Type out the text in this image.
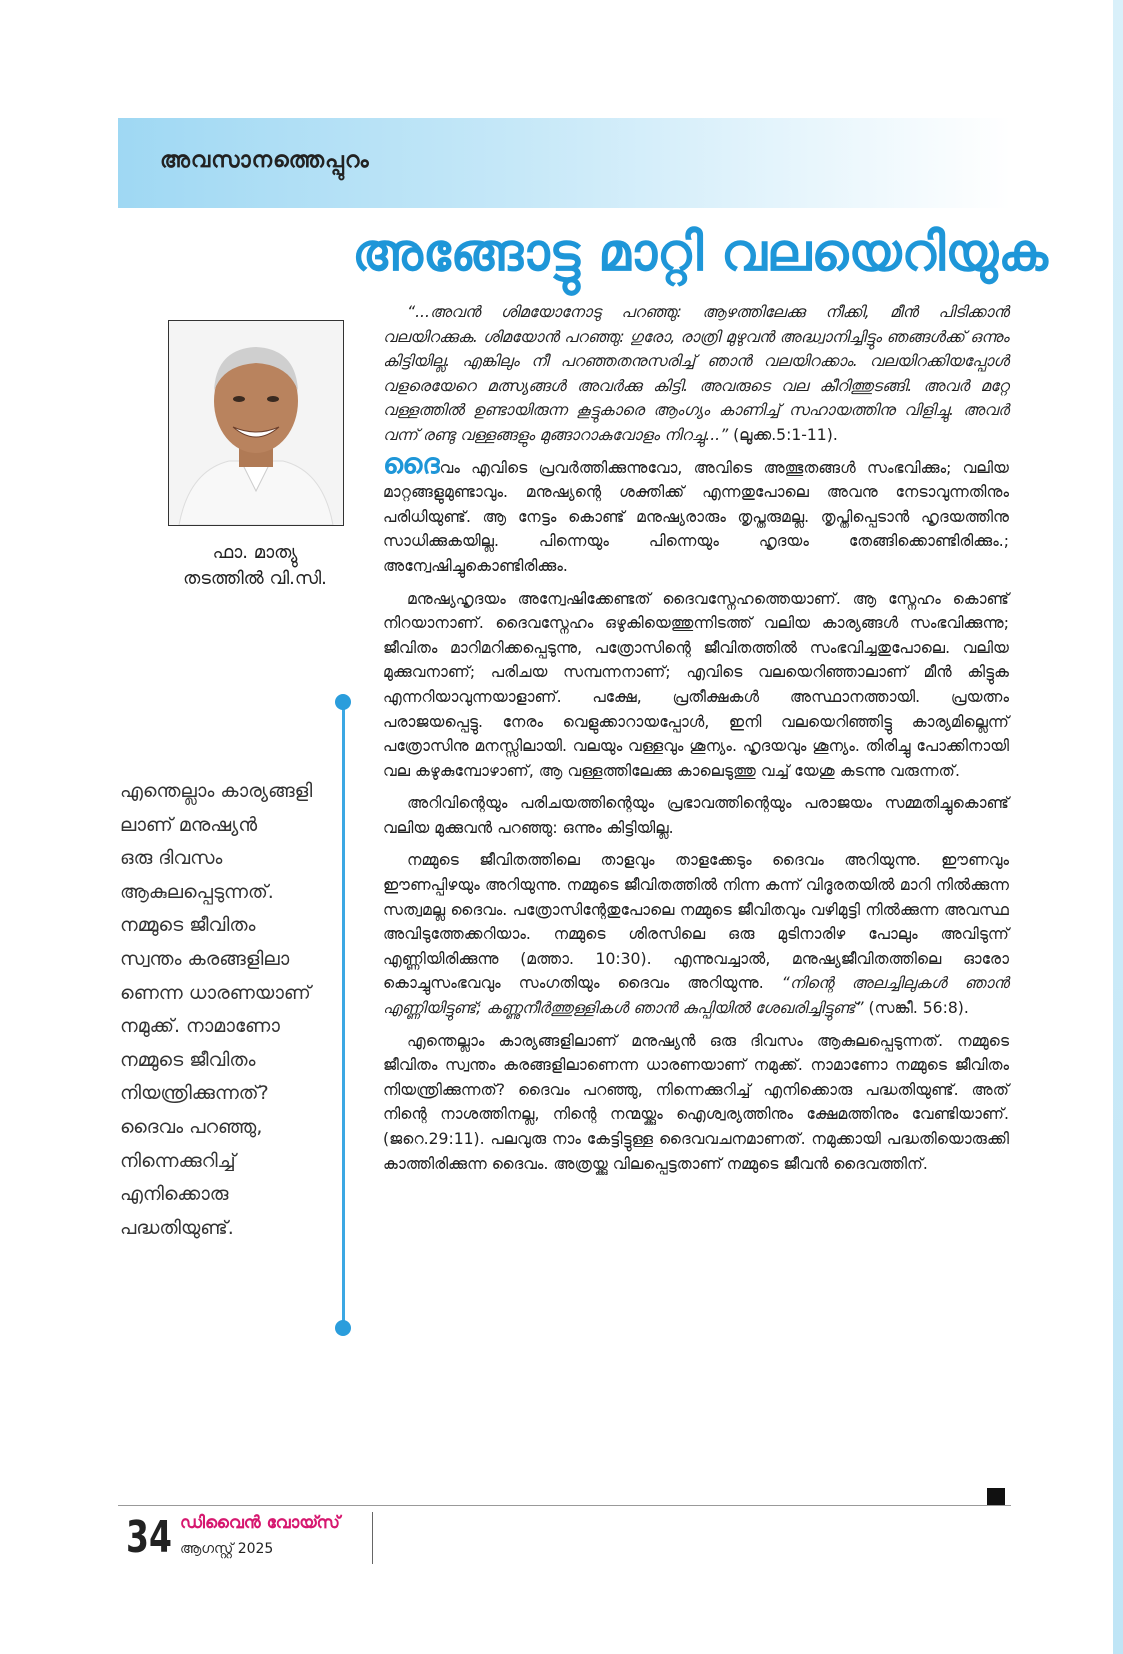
അവസാനത്തെപ്പുറം
അങ്ങോട്ടു മാറ്റി വലയെറിയുക
ഫാ. മാത്യു
തടത്തിൽ വി.സി.
എന്തെല്ലാം കാര്യങ്ങളി
ലാണ് മനുഷ്യൻ
ഒരു ദിവസം
ആകുലപ്പെടുന്നത്.
നമ്മുടെ ജീവിതം
സ്വന്തം കരങ്ങളിലാ
ണെന്ന ധാരണയാണ്
നമുക്ക്. നാമാണോ
നമ്മുടെ ജീവിതം
നിയന്ത്രിക്കുന്നത്?
ദൈവം പറഞ്ഞു,
നിന്നെക്കുറിച്ച്
എനിക്കൊരു
പദ്ധതിയുണ്ട്.

“...അവൻ ശിമയോനോടു പറഞ്ഞു: ആഴത്തിലേക്കു നീക്കി, മീൻ പിടിക്കാൻ വലയിറക്കുക. ശിമയോൻ പറഞ്ഞു: ഗുരോ, രാത്രി മുഴുവൻ അദ്ധ്വാനിച്ചിട്ടും ഞങ്ങൾക്ക് ഒന്നും കിട്ടിയില്ല. എങ്കിലും നീ പറഞ്ഞതനുസരിച്ച് ഞാൻ വലയിറക്കാം. വലയിറക്കിയപ്പോൾ വളരെയേറെ മത്സ്യങ്ങൾ അവർക്കു കിട്ടി. അവരുടെ വല കീറിത്തുടങ്ങി. അവർ മറ്റേ വള്ളത്തിൽ ഉണ്ടായിരുന്ന കൂട്ടുകാരെ ആംഗ്യം കാണിച്ച് സഹായത്തിനു വിളിച്ചു. അവർ വന്ന് രണ്ടു വള്ളങ്ങളും മുങ്ങാറാകുവോളം നിറച്ചു...” (ലൂക്ക.5:1-11).

ദൈവം എവിടെ പ്രവർത്തിക്കുന്നുവോ, അവിടെ അത്ഭുതങ്ങൾ സംഭവിക്കും; വലിയ മാറ്റങ്ങളുമുണ്ടാവും. മനുഷ്യന്റെ ശക്തിക്ക് എന്നതുപോലെ അവനു നേടാവുന്നതിനും പരിധിയുണ്ട്. ആ നേട്ടം കൊണ്ട് മനുഷ്യരാരും തൃപ്തരുമല്ല. തൃപ്തിപ്പെടാൻ ഹൃദയത്തിനു സാധിക്കുകയില്ല. പിന്നെയും പിന്നെയും ഹൃദയം തേങ്ങിക്കൊണ്ടിരിക്കും.; അന്വേഷിച്ചുകൊണ്ടിരിക്കും.

മനുഷ്യഹൃദയം അന്വേഷിക്കേണ്ടത് ദൈവസ്നേഹത്തെയാണ്. ആ സ്നേഹം കൊണ്ട് നിറയാനാണ്. ദൈവസ്നേഹം ഒഴുകിയെത്തുന്നിടത്ത് വലിയ കാര്യങ്ങൾ സംഭവിക്കുന്നു; ജീവിതം മാറിമറിക്കപ്പെടുന്നു, പത്രോസിന്റെ ജീവിതത്തിൽ സംഭവിച്ചതുപോലെ. വലിയ മുക്കുവനാണ്; പരിചയ സമ്പന്നനാണ്; എവിടെ വലയെറിഞ്ഞാലാണ് മീൻ കിട്ടുക എന്നറിയാവുന്നയാളാണ്. പക്ഷേ, പ്രതീക്ഷകൾ അസ്ഥാനത്തായി. പ്രയത്നം പരാജയപ്പെട്ടു. നേരം വെളുക്കാറായപ്പോൾ, ഇനി വലയെറിഞ്ഞിട്ടു കാര്യമില്ലെന്ന് പത്രോസിനു മനസ്സിലായി. വലയും വള്ളവും ശൂന്യം. ഹൃദയവും ശൂന്യം. തിരിച്ചു പോക്കിനായി വല കഴുകുമ്പോഴാണ്, ആ വള്ളത്തിലേക്കു കാലെടുത്തു വച്ച് യേശു കടന്നു വരുന്നത്.

അറിവിന്റെയും പരിചയത്തിന്റെയും പ്രഭാവത്തിന്റെയും പരാജയം സമ്മതിച്ചുകൊണ്ട് വലിയ മുക്കുവൻ പറഞ്ഞു: ഒന്നും കിട്ടിയില്ല.

നമ്മുടെ ജീവിതത്തിലെ താളവും താളക്കേടും ദൈവം അറിയുന്നു. ഈണവും ഈണപ്പിഴയും അറിയുന്നു. നമ്മുടെ ജീവിതത്തിൽ നിന്ന കന്ന് വിദൂരതയിൽ മാറി നിൽക്കുന്ന സത്വമല്ല ദൈവം. പത്രോസിന്റേതുപോലെ നമ്മുടെ ജീവിതവും വഴിമുട്ടി നിൽക്കുന്ന അവസ്ഥ അവിടുത്തേക്കറിയാം. നമ്മുടെ ശിരസിലെ ഒരു മുടിനാരിഴ പോലും അവിടുന്ന് എണ്ണിയിരിക്കുന്നു (മത്താ. 10:30). എന്നുവച്ചാൽ, മനുഷ്യജീവിതത്തിലെ ഓരോ കൊച്ചുസംഭവവും സംഗതിയും ദൈവം അറിയുന്നു. “നിന്റെ അലച്ചിലുകൾ ഞാൻ എണ്ണിയിട്ടുണ്ട്; കണ്ണുനീർത്തുള്ളികൾ ഞാൻ കുപ്പിയിൽ ശേഖരിച്ചിട്ടുണ്ട്” (സങ്കീ. 56:8).

എന്തെല്ലാം കാര്യങ്ങളിലാണ് മനുഷ്യൻ ഒരു ദിവസം ആകുലപ്പെടുന്നത്. നമ്മുടെ ജീവിതം സ്വന്തം കരങ്ങളിലാണെന്ന ധാരണയാണ് നമുക്ക്. നാമാണോ നമ്മുടെ ജീവിതം നിയന്ത്രിക്കുന്നത്? ദൈവം പറഞ്ഞു, നിന്നെക്കുറിച്ച് എനിക്കൊരു പദ്ധതിയുണ്ട്. അത് നിന്റെ നാശത്തിനല്ല, നിന്റെ നന്മയ്ക്കും ഐശ്വര്യത്തിനും ക്ഷേമത്തിനും വേണ്ടിയാണ്. (ജറെ.29:11). പലവുരു നാം കേട്ടിട്ടുള്ള ദൈവവചനമാണത്. നമുക്കായി പദ്ധതിയൊരുക്കി കാത്തിരിക്കുന്ന ദൈവം. അത്രയ്ക്കു വിലപ്പെട്ടതാണ് നമ്മുടെ ജീവൻ ദൈവത്തിന്.

34 ഡിവൈൻ വോയ്സ്
ആഗസ്റ്റ് 2025
